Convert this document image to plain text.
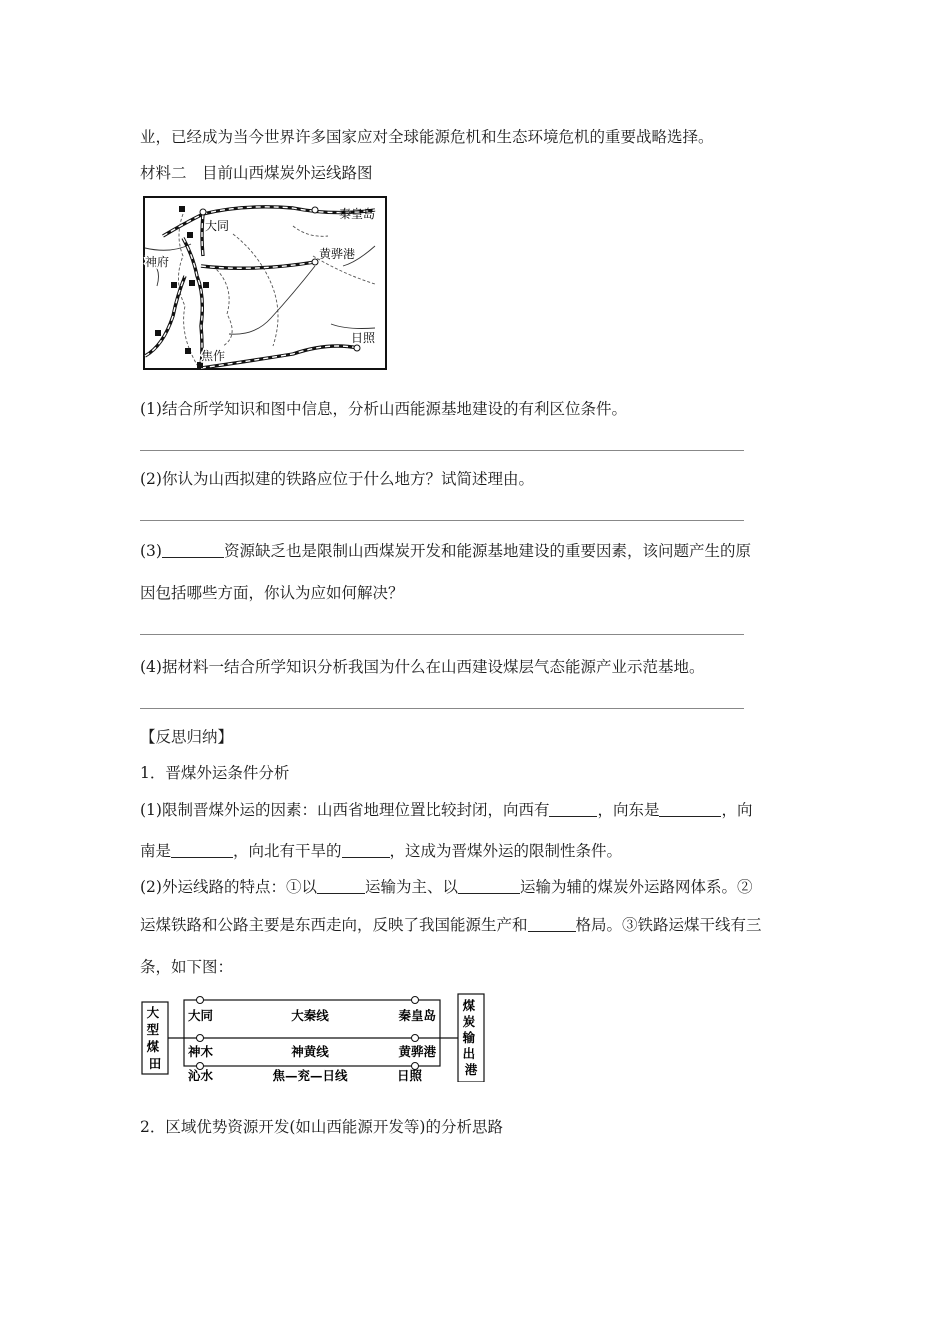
业，已经成为当今世界许多国家应对全球能源危机和生态环境危机的重要战略选择。
材料二　目前山西煤炭外运线路图
大同
秦皇岛
神府
黄骅港
日照
焦作
(1)结合所学知识和图中信息，分析山西能源基地建设的有利区位条件。
(2)你认为山西拟建的铁路应位于什么地方？试简述理由。
(3)	资源缺乏也是限制山西煤炭开发和能源基地建设的重要因素，该问题产生的原
因包括哪些方面，你认为应如何解决？
(4)据材料一结合所学知识分析我国为什么在山西建设煤层气态能源产业示范基地。
【反思归纳】
1．晋煤外运条件分析
(1)限制晋煤外运的因素：山西省地理位置比较封闭，向西有	，向东是	，向
南是	，向北有干旱的	，这成为晋煤外运的限制性条件。
(2)外运线路的特点：①以	运输为主、以	运输为辅的煤炭外运路网体系。②
运煤铁路和公路主要是东西走向，反映了我国能源生产和	格局。③铁路运煤干线有三
条，如下图：
大 型 煤 田
煤 炭 输 出 港
大同	大秦线	秦皇岛
神木	神黄线	黄骅港
沁水	焦—兖—日线	日照
2．区域优势资源开发(如山西能源开发等)的分析思路
